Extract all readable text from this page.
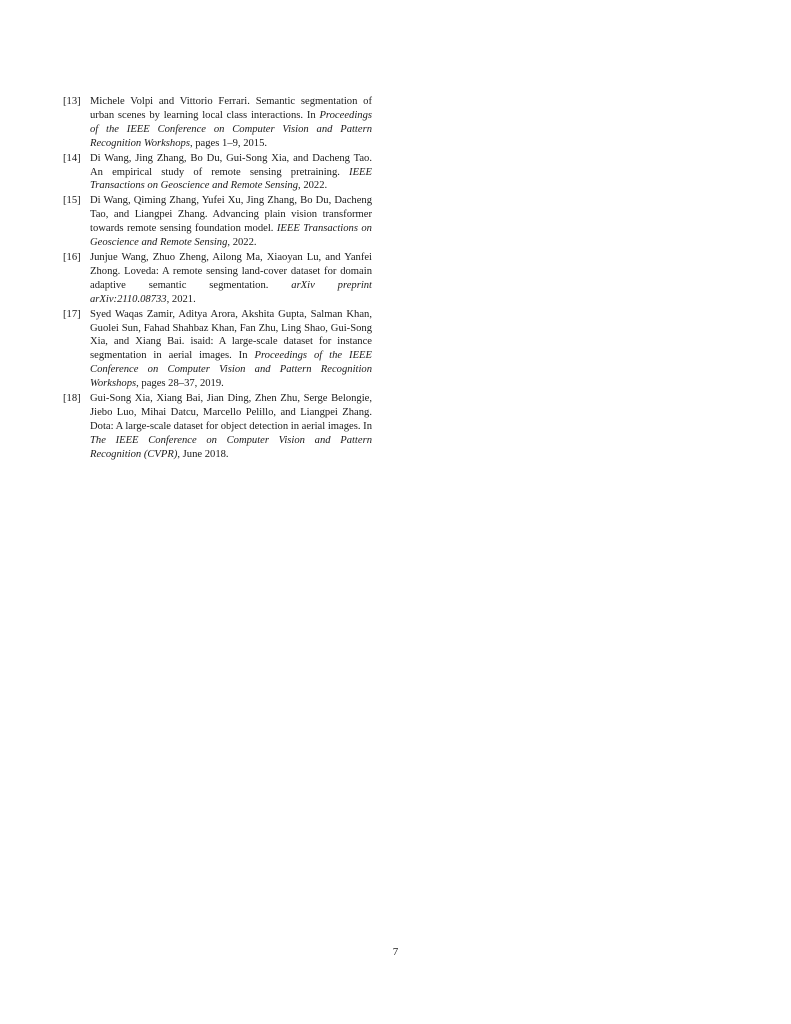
[13] Michele Volpi and Vittorio Ferrari. Semantic segmentation of urban scenes by learning local class interactions. In Proceedings of the IEEE Conference on Computer Vision and Pattern Recognition Workshops, pages 1–9, 2015.
[14] Di Wang, Jing Zhang, Bo Du, Gui-Song Xia, and Dacheng Tao. An empirical study of remote sensing pretraining. IEEE Transactions on Geoscience and Remote Sensing, 2022.
[15] Di Wang, Qiming Zhang, Yufei Xu, Jing Zhang, Bo Du, Dacheng Tao, and Liangpei Zhang. Advancing plain vision transformer towards remote sensing foundation model. IEEE Transactions on Geoscience and Remote Sensing, 2022.
[16] Junjue Wang, Zhuo Zheng, Ailong Ma, Xiaoyan Lu, and Yanfei Zhong. Loveda: A remote sensing land-cover dataset for domain adaptive semantic segmentation. arXiv preprint arXiv:2110.08733, 2021.
[17] Syed Waqas Zamir, Aditya Arora, Akshita Gupta, Salman Khan, Guolei Sun, Fahad Shahbaz Khan, Fan Zhu, Ling Shao, Gui-Song Xia, and Xiang Bai. isaid: A large-scale dataset for instance segmentation in aerial images. In Proceedings of the IEEE Conference on Computer Vision and Pattern Recognition Workshops, pages 28–37, 2019.
[18] Gui-Song Xia, Xiang Bai, Jian Ding, Zhen Zhu, Serge Belongie, Jiebo Luo, Mihai Datcu, Marcello Pelillo, and Liangpei Zhang. Dota: A large-scale dataset for object detection in aerial images. In The IEEE Conference on Computer Vision and Pattern Recognition (CVPR), June 2018.
7
